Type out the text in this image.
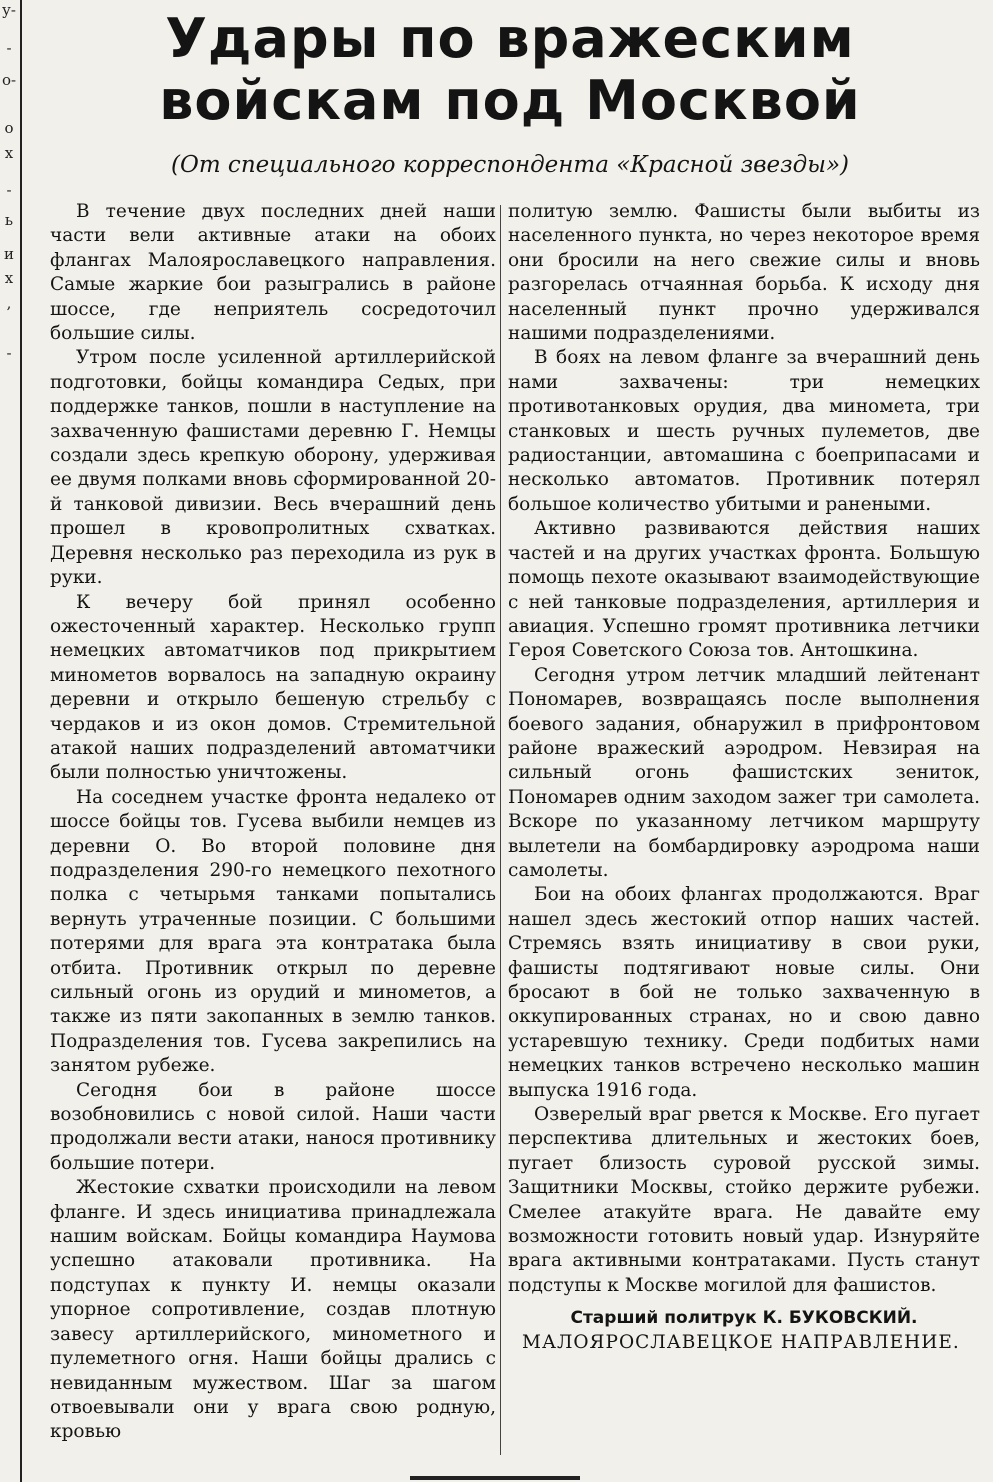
у-
-
о-
о
х
-
ь
и
х
,
-
Удары по вражеским войскам под Москвой

(От специального корреспондента «Красной звезды»)

В течение двух последних дней наши части вели активные атаки на обоих флангах Малоярославецкого направления. Самые жаркие бои разыгрались в районе шоссе, где неприятель сосредоточил большие силы.

Утром после усиленной артиллерийской подготовки, бойцы командира Седых, при поддержке танков, пошли в наступление на захваченную фашистами деревню Г. Немцы создали здесь крепкую оборону, удерживая ее двумя полками вновь сформированной 20-й танковой дивизии. Весь вчерашний день прошел в кровопролитных схватках. Деревня несколько раз переходила из рук в руки.

К вечеру бой принял особенно ожесточенный характер. Несколько групп немецких автоматчиков под прикрытием минометов ворвалось на западную окраину деревни и открыло бешеную стрельбу с чердаков и из окон домов. Стремительной атакой наших подразделений автоматчики были полностью уничтожены.

На соседнем участке фронта недалеко от шоссе бойцы тов. Гусева выбили немцев из деревни О. Во второй половине дня подразделения 290-го немецкого пехотного полка с четырьмя танками попытались вернуть утраченные позиции. С большими потерями для врага эта контратака была отбита. Противник открыл по деревне сильный огонь из орудий и минометов, а также из пяти закопанных в землю танков. Подразделения тов. Гусева закрепились на занятом рубеже.

Сегодня бои в районе шоссе возобновились с новой силой. Наши части продолжали вести атаки, нанося противнику большие потери.

Жестокие схватки происходили на левом фланге. И здесь инициатива принадлежала нашим войскам. Бойцы командира Наумова успешно атаковали противника. На подступах к пункту И. немцы оказали упорное сопротивление, создав плотную завесу артиллерийского, минометного и пулеметного огня. Наши бойцы дрались с невиданным мужеством. Шаг за шагом отвоевывали они у врага свою родную, кровью

политую землю. Фашисты были выбиты из населенного пункта, но через некоторое время они бросили на него свежие силы и вновь разгорелась отчаянная борьба. К исходу дня населенный пункт прочно удерживался нашими подразделениями.

В боях на левом фланге за вчерашний день нами захвачены: три немецких противотанковых орудия, два миномета, три станковых и шесть ручных пулеметов, две радиостанции, автомашина с боеприпасами и несколько автоматов. Противник потерял большое количество убитыми и ранеными.

Активно развиваются действия наших частей и на других участках фронта. Большую помощь пехоте оказывают взаимодействующие с ней танковые подразделения, артиллерия и авиация. Успешно громят противника летчики Героя Советского Союза тов. Антошкина.

Сегодня утром летчик младший лейтенант Пономарев, возвращаясь после выполнения боевого задания, обнаружил в прифронтовом районе вражеский аэродром. Невзирая на сильный огонь фашистских зениток, Пономарев одним заходом зажег три самолета. Вскоре по указанному летчиком маршруту вылетели на бомбардировку аэродрома наши самолеты.

Бои на обоих флангах продолжаются. Враг нашел здесь жестокий отпор наших частей. Стремясь взять инициативу в свои руки, фашисты подтягивают новые силы. Они бросают в бой не только захваченную в оккупированных странах, но и свою давно устаревшую технику. Среди подбитых нами немецких танков встречено несколько машин выпуска 1916 года.

Озверелый враг рвется к Москве. Его пугает перспектива длительных и жестоких боев, пугает близость суровой русской зимы. Защитники Москвы, стойко держите рубежи. Смелее атакуйте врага. Не давайте ему возможности готовить новый удар. Изнуряйте врага активными контратаками. Пусть станут подступы к Москве могилой для фашистов.

Старший политрук К. БУКОВСКИЙ.

МАЛОЯРОСЛАВЕЦКОЕ НАПРАВЛЕНИЕ.
